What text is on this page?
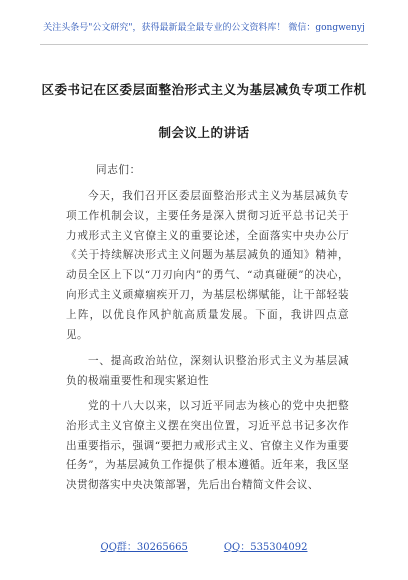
关注头条号"公文研究"，获得最新最全最专业的公文资料库！ 微信：gongwenyj
区委书记在区委层面整治形式主义为基层减负专项工作机
制会议上的讲话
同志们：
今天，我们召开区委层面整治形式主义为基层减负专项工作机制会议，主要任务是深入贯彻习近平总书记关于力戒形式主义官僚主义的重要论述，全面落实中央办公厅《关于持续解决形式主义问题为基层减负的通知》精神，动员全区上下以“刀刃向内”的勇气、“动真碰硬”的决心，向形式主义顽瘴痼疾开刀，为基层松绑赋能，让干部轻装上阵，以优良作风护航高质量发展。下面，我讲四点意见。
一、提高政治站位，深刻认识整治形式主义为基层减负的极端重要性和现实紧迫性
党的十八大以来，以习近平同志为核心的党中央把整治形式主义官僚主义摆在突出位置，习近平总书记多次作出重要指示，强调“要把力戒形式主义、官僚主义作为重要任务”，为基层减负工作提供了根本遵循。近年来，我区坚决贯彻落实中央决策部署，先后出台精简文件会议、
QQ群：30265665	QQ：535304092
